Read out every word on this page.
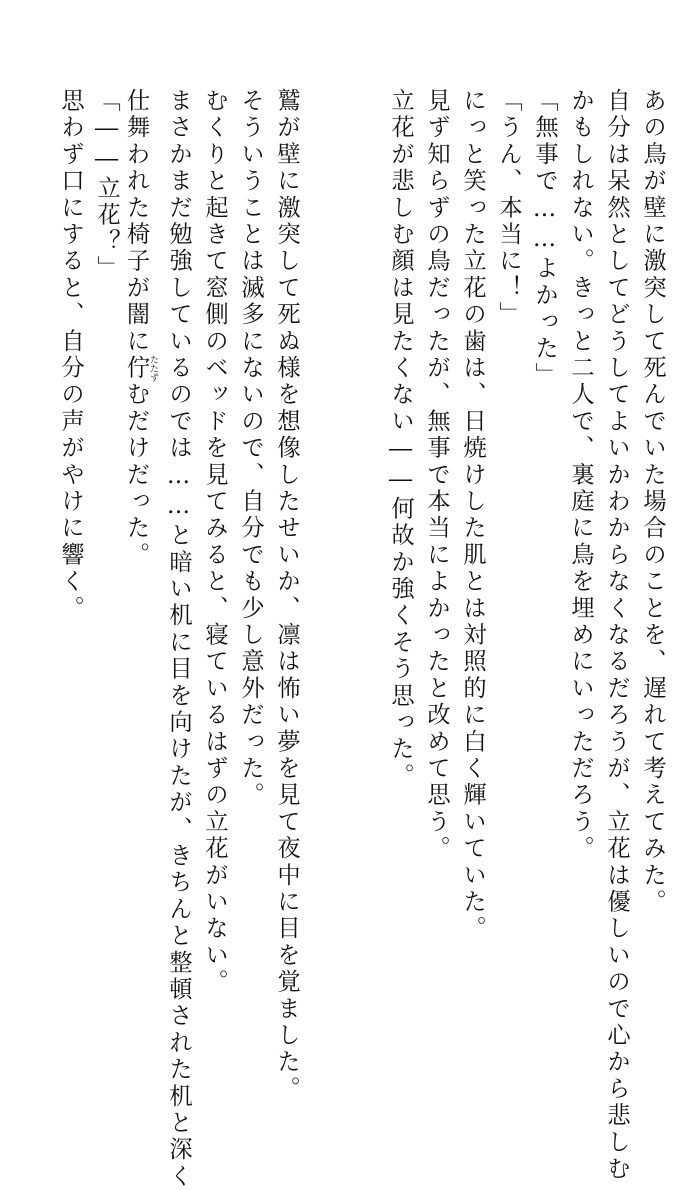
あの鳥が壁に激突して死んでいた場合のことを、遅れて考えてみた。
自分は呆然としてどうしてよいかわからなくなるだろうが、立花は優しいので心から悲しむ
かもしれない。きっと二人で、裏庭に鳥を埋めにいっただろう。
「無事で……よかった」
「うん、本当に！」
にっと笑った立花の歯は、日焼けした肌とは対照的に白く輝いていた。
見ず知らずの鳥だったが、無事で本当によかったと改めて思う。
立花が悲しむ顔は見たくない――何故か強くそう思った。
鷲が壁に激突して死ぬ様を想像したせいか、凛は怖い夢を見て夜中に目を覚ました。
そういうことは滅多にないので、自分でも少し意外だった。
むくりと起きて窓側のベッドを見てみると、寝ているはずの立花がいない。
まさかまだ勉強しているのでは……と暗い机に目を向けたが、きちんと整頓された机と深く
仕舞われた椅子が闇に佇たたずむだけだった。
「――立花？」
思わず口にすると、自分の声がやけに響く。
